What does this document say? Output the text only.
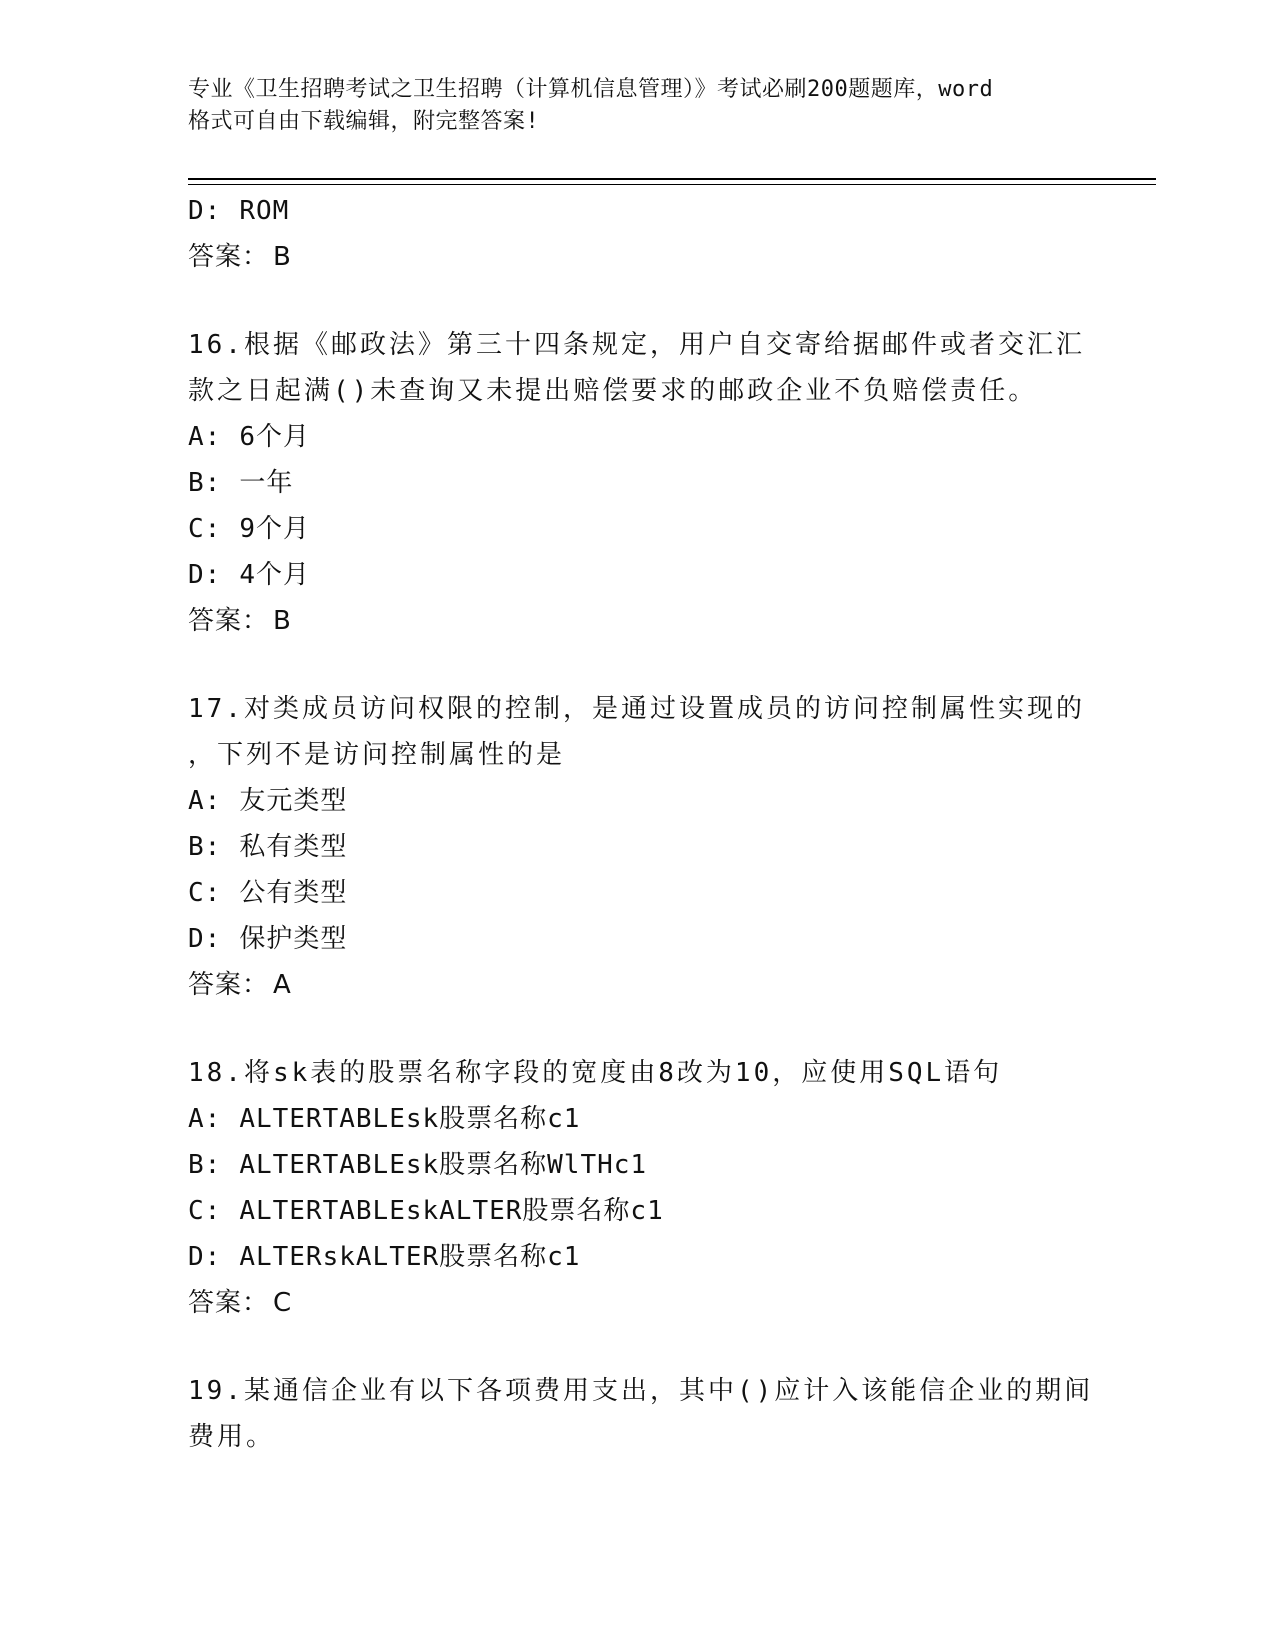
专业《卫生招聘考试之卫生招聘（计算机信息管理）》考试必刷200题题库，word
格式可自由下载编辑，附完整答案!
D: ROM
答案： B
16.根据《邮政法》第三十四条规定，用户自交寄给据邮件或者交汇汇
款之日起满()未查询又未提出赔偿要求的邮政企业不负赔偿责任。
A: 6个月
B: 一年
C: 9个月
D: 4个月
答案： B
17.对类成员访问权限的控制，是通过设置成员的访问控制属性实现的
，下列不是访问控制属性的是
A: 友元类型
B: 私有类型
C: 公有类型
D: 保护类型
答案： A
18.将sk表的股票名称字段的宽度由8改为10，应使用SQL语句
A: ALTERTABLEsk股票名称c1
B: ALTERTABLEsk股票名称WlTHc1
C: ALTERTABLEskALTER股票名称c1
D: ALTERskALTER股票名称c1
答案： C
19.某通信企业有以下各项费用支出，其中()应计入该能信企业的期间
费用。
